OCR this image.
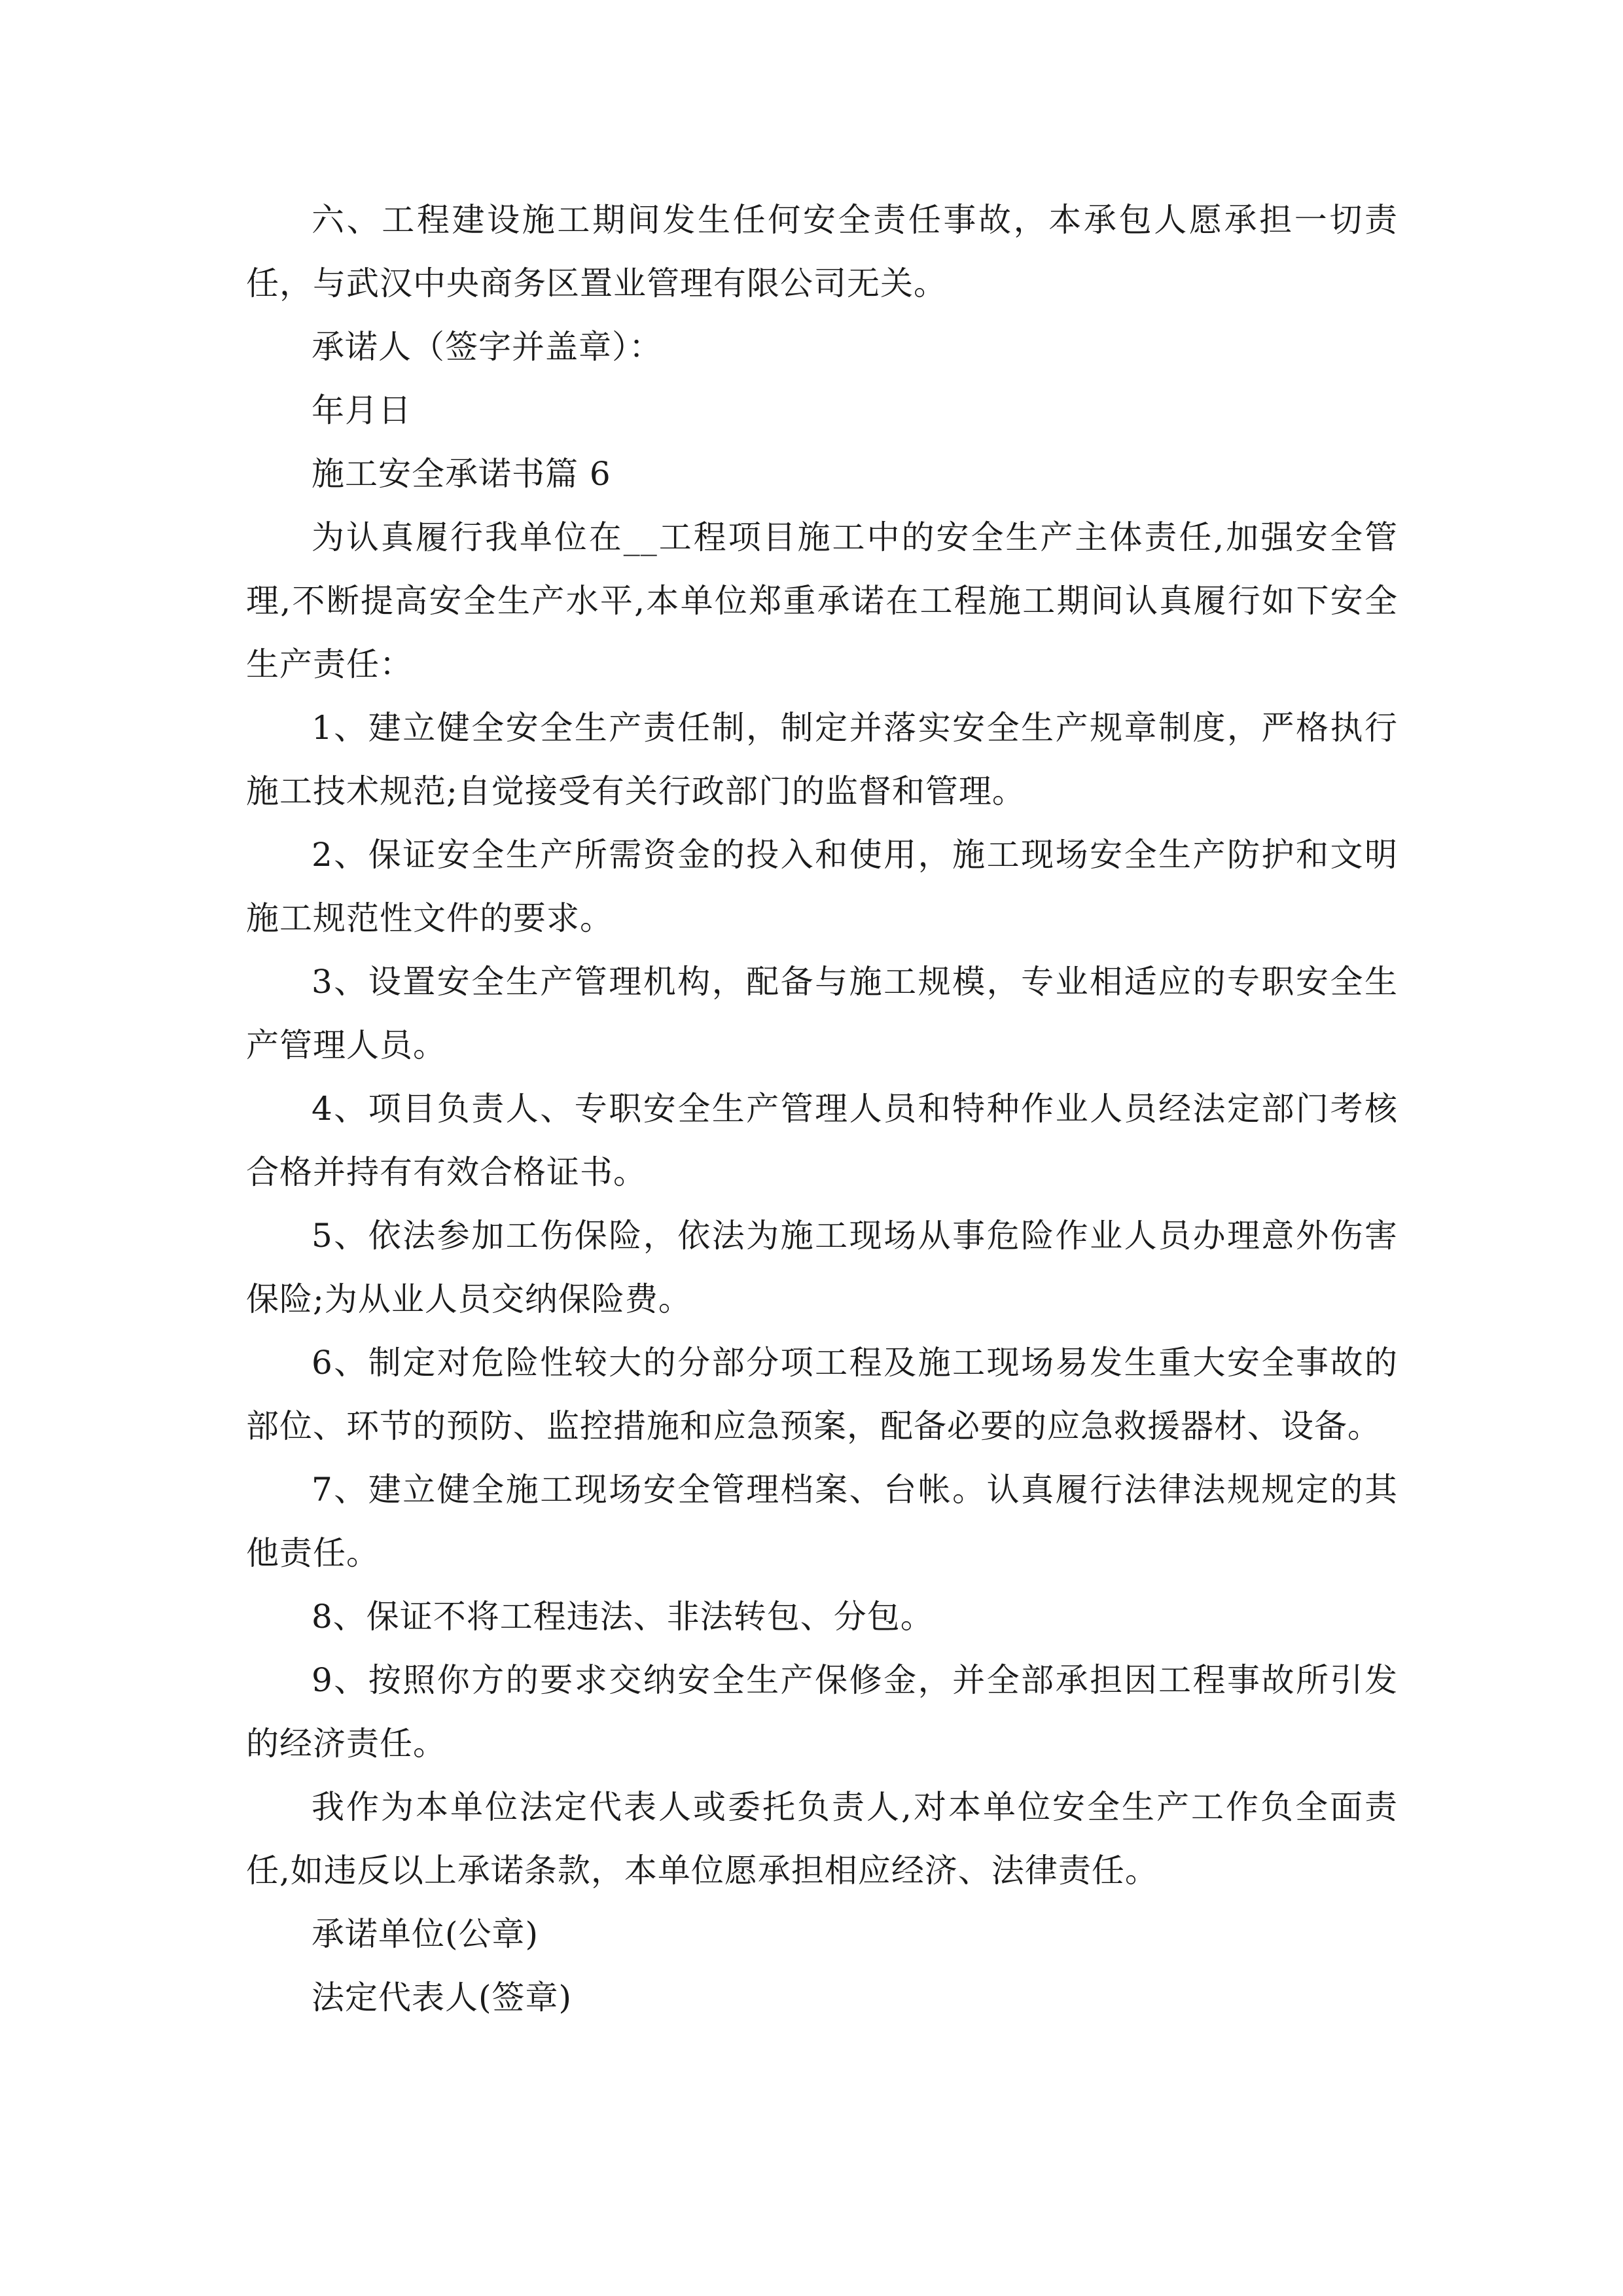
六、工程建设施工期间发生任何安全责任事故，本承包人愿承担一切责任，与武汉中央商务区置业管理有限公司无关。

承诺人（签字并盖章）：

年月日

施工安全承诺书篇 6

为认真履行我单位在__工程项目施工中的安全生产主体责任,加强安全管理,不断提高安全生产水平,本单位郑重承诺在工程施工期间认真履行如下安全生产责任：

1、建立健全安全生产责任制，制定并落实安全生产规章制度，严格执行施工技术规范;自觉接受有关行政部门的监督和管理。

2、保证安全生产所需资金的投入和使用，施工现场安全生产防护和文明施工规范性文件的要求。

3、设置安全生产管理机构，配备与施工规模，专业相适应的专职安全生产管理人员。

4、项目负责人、专职安全生产管理人员和特种作业人员经法定部门考核合格并持有有效合格证书。

5、依法参加工伤保险，依法为施工现场从事危险作业人员办理意外伤害保险;为从业人员交纳保险费。

6、制定对危险性较大的分部分项工程及施工现场易发生重大安全事故的部位、环节的预防、监控措施和应急预案，配备必要的应急救援器材、设备。

7、建立健全施工现场安全管理档案、台帐。认真履行法律法规规定的其他责任。

8、保证不将工程违法、非法转包、分包。

9、按照你方的要求交纳安全生产保修金，并全部承担因工程事故所引发的经济责任。

我作为本单位法定代表人或委托负责人,对本单位安全生产工作负全面责任,如违反以上承诺条款，本单位愿承担相应经济、法律责任。

承诺单位(公章)

法定代表人(签章)
